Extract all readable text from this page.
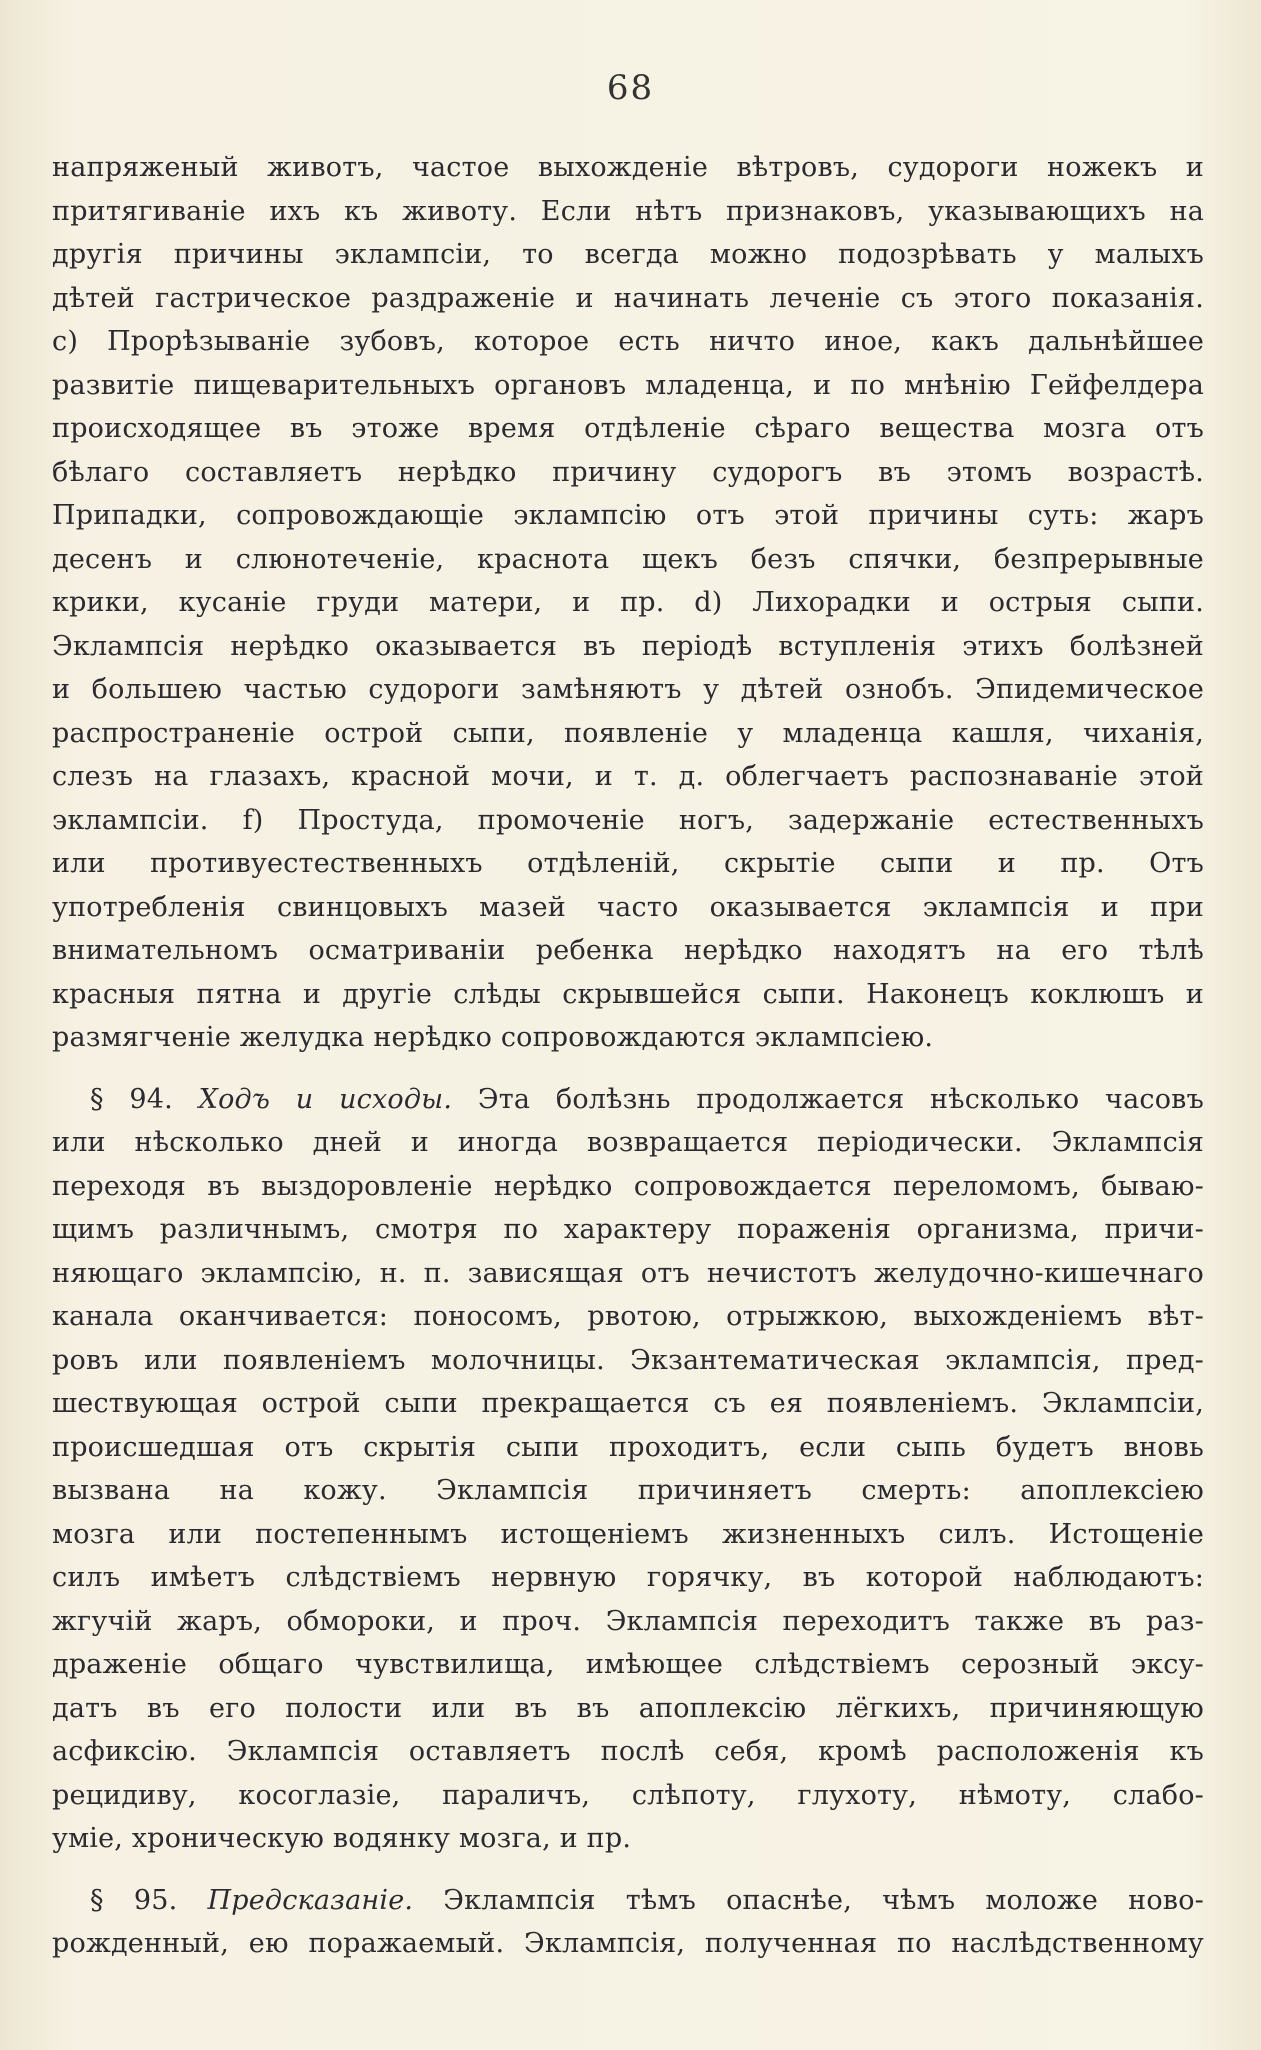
68
напряженый животъ, частое выхожденіе вѣтровъ, судороги ножекъ и
притягиваніе ихъ къ животу. Если нѣтъ признаковъ, указывающихъ на
другія причины эклампсіи, то всегда можно подозрѣвать у малыхъ
дѣтей гастрическое раздраженіе и начинать леченіе съ этого показанія.
c) Прорѣзываніе зубовъ, которое есть ничто иное, какъ дальнѣйшее
развитіе пищеварительныхъ органовъ младенца, и по мнѣнію Гейфелдера
происходящее въ этоже время отдѣленіе сѣраго вещества мозга отъ
бѣлаго составляетъ нерѣдко причину судорогъ въ этомъ возрастѣ.
Припадки, сопровождающіе эклампсію отъ этой причины суть: жаръ
десенъ и слюнотеченіе, краснота щекъ безъ спячки, безпрерывные
крики, кусаніе груди матери, и пр. d) Лихорадки и острыя сыпи.
Эклампсія нерѣдко оказывается въ періодѣ вступленія этихъ болѣзней
и большею частью судороги замѣняютъ у дѣтей ознобъ. Эпидемическое
распространеніе острой сыпи, появленіе у младенца кашля, чиханія,
слезъ на глазахъ, красной мочи, и т. д. облегчаетъ распознаваніе этой
эклампсіи. f) Простуда, промоченіе ногъ, задержаніе естественныхъ
или противуестественныхъ отдѣленій, скрытіе сыпи и пр. Отъ
употребленія свинцовыхъ мазей часто оказывается эклампсія и при
внимательномъ осматриваніи ребенка нерѣдко находятъ на его тѣлѣ
красныя пятна и другіе слѣды скрывшейся сыпи. Наконецъ коклюшъ и
размягченіе желудка нерѣдко сопровождаются эклампсіею.
§ 94. Ходъ и исходы. Эта болѣзнь продолжается нѣсколько часовъ
или нѣсколько дней и иногда возвращается періодически. Эклампсія
переходя въ выздоровленіе нерѣдко сопровождается переломомъ, бываю-
щимъ различнымъ, смотря по характеру пораженія организма, причи-
няющаго эклампсію, н. п. зависящая отъ нечистотъ желудочно-кишечнаго
канала оканчивается: поносомъ, рвотою, отрыжкою, выхожденіемъ вѣт-
ровъ или появленіемъ молочницы. Экзантематическая эклампсія, пред-
шествующая острой сыпи прекращается съ ея появленіемъ. Эклампсіи,
происшедшая отъ скрытія сыпи проходитъ, если сыпь будетъ вновь
вызвана на кожу. Эклампсія причиняетъ смерть: апоплексіею
мозга или постепеннымъ истощеніемъ жизненныхъ силъ. Истощеніе
силъ имѣетъ слѣдствіемъ нервную горячку, въ которой наблюдаютъ:
жгучій жаръ, обмороки, и проч. Эклампсія переходитъ также въ раз-
драженіе общаго чувствилища, имѣющее слѣдствіемъ серозный эксу-
датъ въ его полости или въ въ апоплексію лёгкихъ, причиняющую
асфиксію. Эклампсія оставляетъ послѣ себя, кромѣ расположенія къ
рецидиву, косоглазіе, параличъ, слѣпоту, глухоту, нѣмоту, слабо-
уміе, хроническую водянку мозга, и пр.
§ 95. Предсказаніе. Эклампсія тѣмъ опаснѣе, чѣмъ моложе ново-
рожденный, ею поражаемый. Эклампсія, полученная по наслѣдственному
